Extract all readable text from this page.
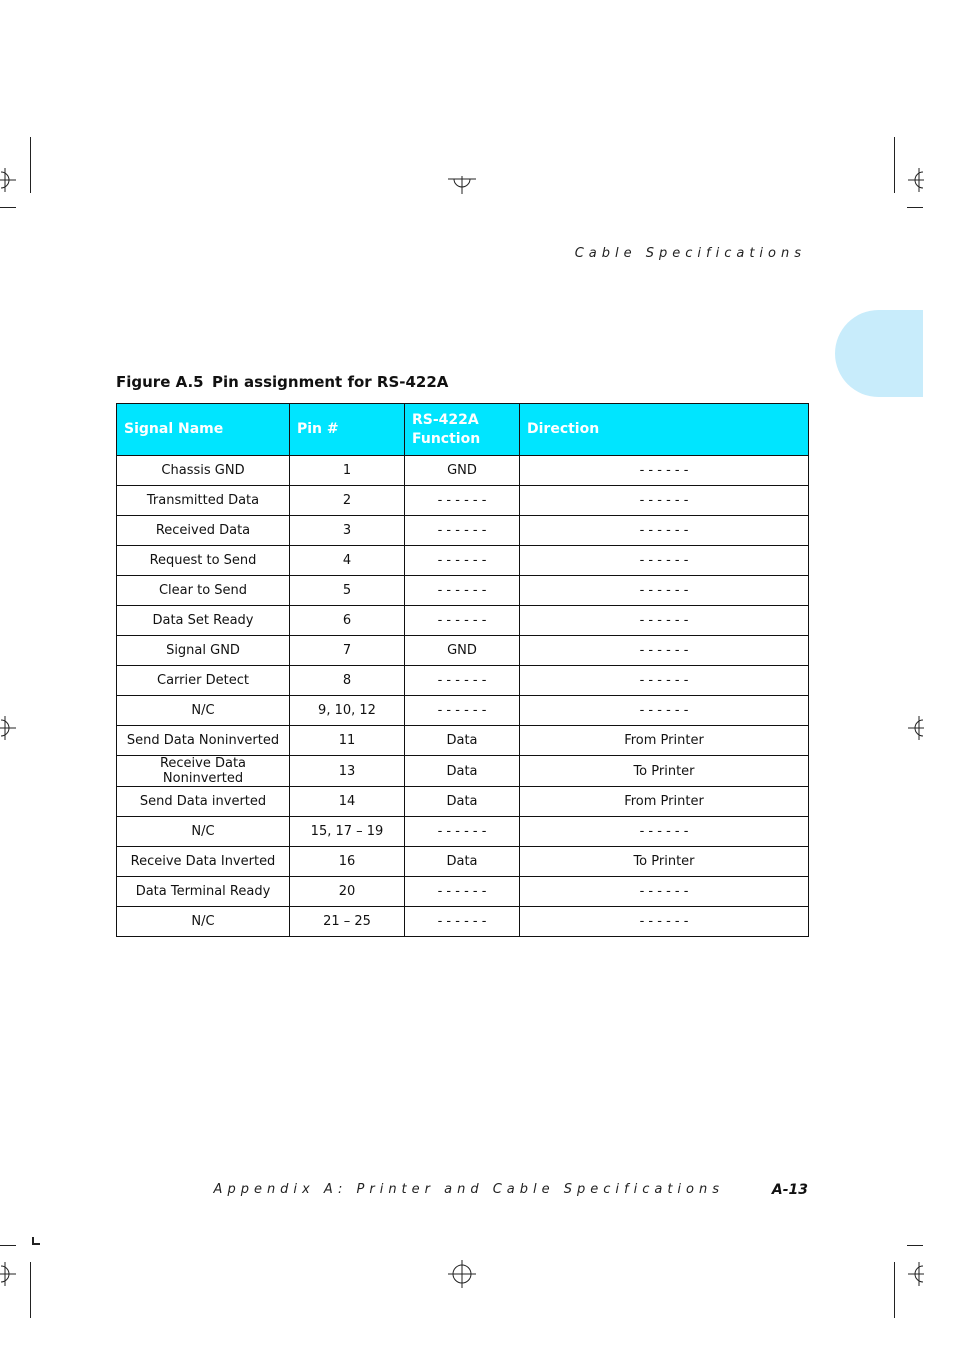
Cable Specifications
Figure A.5 Pin assignment for RS-422A
Signal Name	Pin #	RS-422A Function	Direction
Chassis GND	1	GND	- - - - - -
Transmitted Data	2	- - - - - -	- - - - - -
Received Data	3	- - - - - -	- - - - - -
Request to Send	4	- - - - - -	- - - - - -
Clear to Send	5	- - - - - -	- - - - - -
Data Set Ready	6	- - - - - -	- - - - - -
Signal GND	7	GND	- - - - - -
Carrier Detect	8	- - - - - -	- - - - - -
N/C	9, 10, 12	- - - - - -	- - - - - -
Send Data Noninverted	11	Data	From Printer
Receive Data Noninverted	13	Data	To Printer
Send Data inverted	14	Data	From Printer
N/C	15, 17 – 19	- - - - - -	- - - - - -
Receive Data Inverted	16	Data	To Printer
Data Terminal Ready	20	- - - - - -	- - - - - -
N/C	21 – 25	- - - - - -	- - - - - -
Appendix A: Printer and Cable Specifications	A-13
